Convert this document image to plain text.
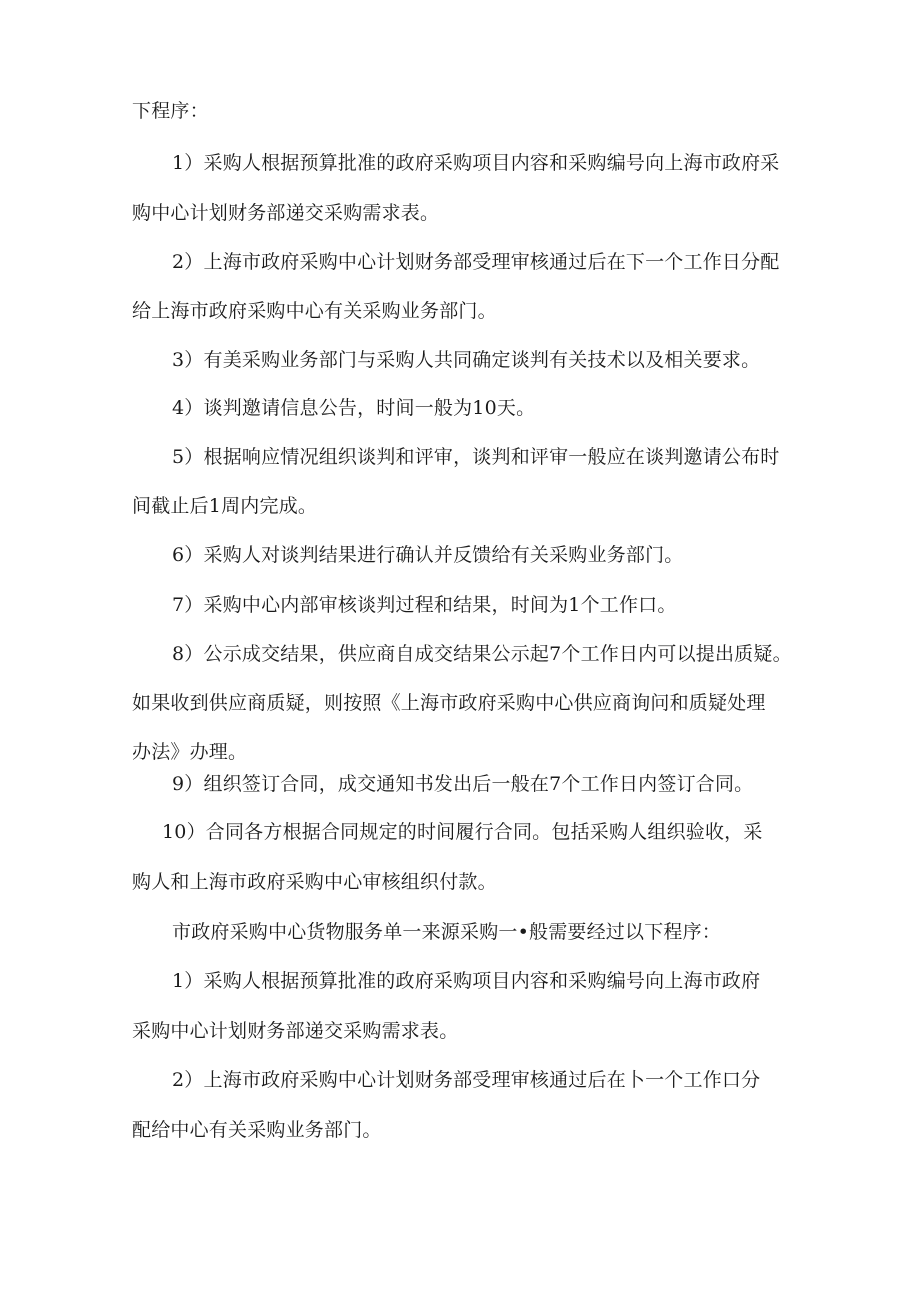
下程序：
1）采购人根据预算批准的政府采购项目内容和采购编号向上海市政府采
购中心计划财务部递交采购需求表。
2）上海市政府采购中心计划财务部受理审核通过后在下一个工作日分配
给上海市政府采购中心有关采购业务部门。
3）有美采购业务部门与采购人共同确定谈判有关技术以及相关要求。
4）谈判邀请信息公告，时间一般为10天。
5）根据响应情况组织谈判和评审，谈判和评审一般应在谈判邀请公布时
间截止后1周内完成。
6）采购人对谈判结果进行确认并反馈给有关采购业务部门。
7）采购中心内部审核谈判过程和结果，时间为1个工作口。
8）公示成交结果，供应商自成交结果公示起7个工作日内可以提出质疑。
如果收到供应商质疑，则按照《上海市政府采购中心供应商询问和质疑处理
办法》办理。
9）组织签订合同，成交通知书发出后一般在7个工作日内签订合同。
10）合同各方根据合同规定的时间履行合同。包括采购人组织验收，采
购人和上海市政府采购中心审核组织付款。
市政府采购中心货物服务单一来源采购一•般需要经过以下程序：
1）采购人根据预算批准的政府采购项目内容和采购编号向上海市政府
采购中心计划财务部递交采购需求表。
2）上海市政府采购中心计划财务部受理审核通过后在卜一个工作口分
配给中心有关采购业务部门。
